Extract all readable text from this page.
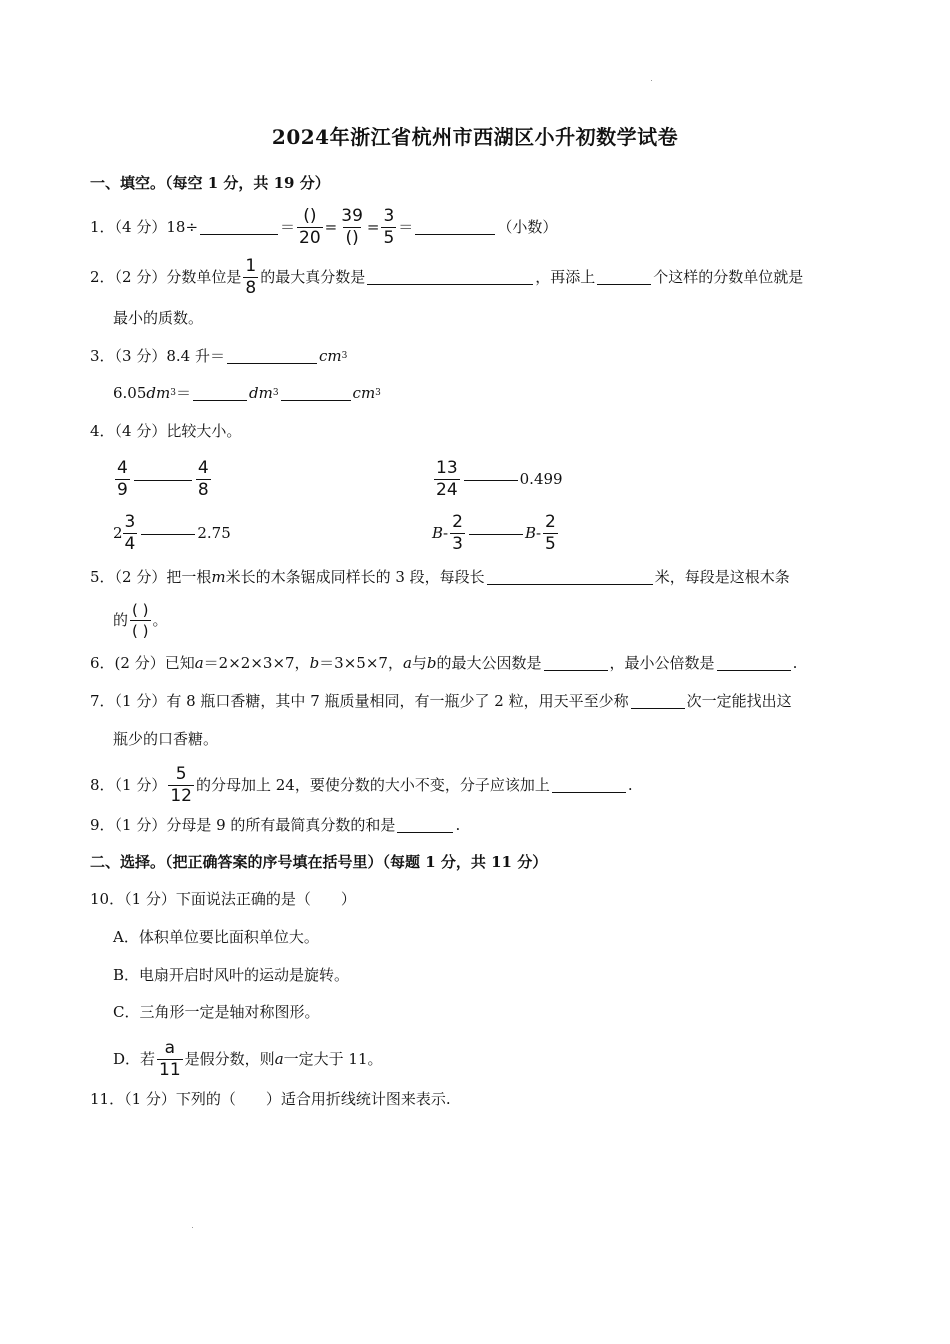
2024年浙江省杭州市西湖区小升初数学试卷
一、填空。（每空 1 分，共 19 分）
1．（4 分）18÷	＝ $\frac{()}{20} = \frac{39}{()} = \frac{3}{5}$ ＝	（小数）
2．（2 分）分数单位是 $\frac{1}{8}$ 的最大真分数是	，再添上	个这样的分数单位就是
最小的质数。
3．（3 分）8.4 升＝	cm 3
6.05 dm 3 ＝	dm 3	cm 3
4．（4 分）比较大小。
$\frac{4}{9}$	$\frac{4}{8}$	$\frac{13}{24}$	0.499
$2 \frac{3}{4}$	2.75	B - $\frac{2}{3}$	B - $\frac{2}{5}$
5．（2 分）把一根 m 米长的木条锯成同样长的 3 段，每段长	米，每段是这根木条
的 $\frac{( )}{( )}$ 。
6．(2 分）已知 a ＝2×2×3×7， b ＝3×5×7， a 与 b 的最大公因数是	，最小公倍数是	.
7．（1 分）有 8 瓶口香糖，其中 7 瓶质量相同，有一瓶少了 2 粒，用天平至少称	次一定能找出这
瓶少的口香糖。
8．（1 分） $\frac{5}{12}$ 的分母加上 24，要使分数的大小不变，分子应该加上	.
9．（1 分）分母是 9 的所有最简真分数的和是	.
二、选择。（把正确答案的序号填在括号里）（每题 1 分，共 11 分）
10．（1 分）下面说法正确的是（　　）
A．体积单位要比面积单位大。
B．电扇开启时风叶的运动是旋转。
C．三角形一定是轴对称图形。
D．若 $\frac{a}{11}$ 是假分数，则 a 一定大于 11。
11．（1 分）下列的（　　）适合用折线统计图来表示.
